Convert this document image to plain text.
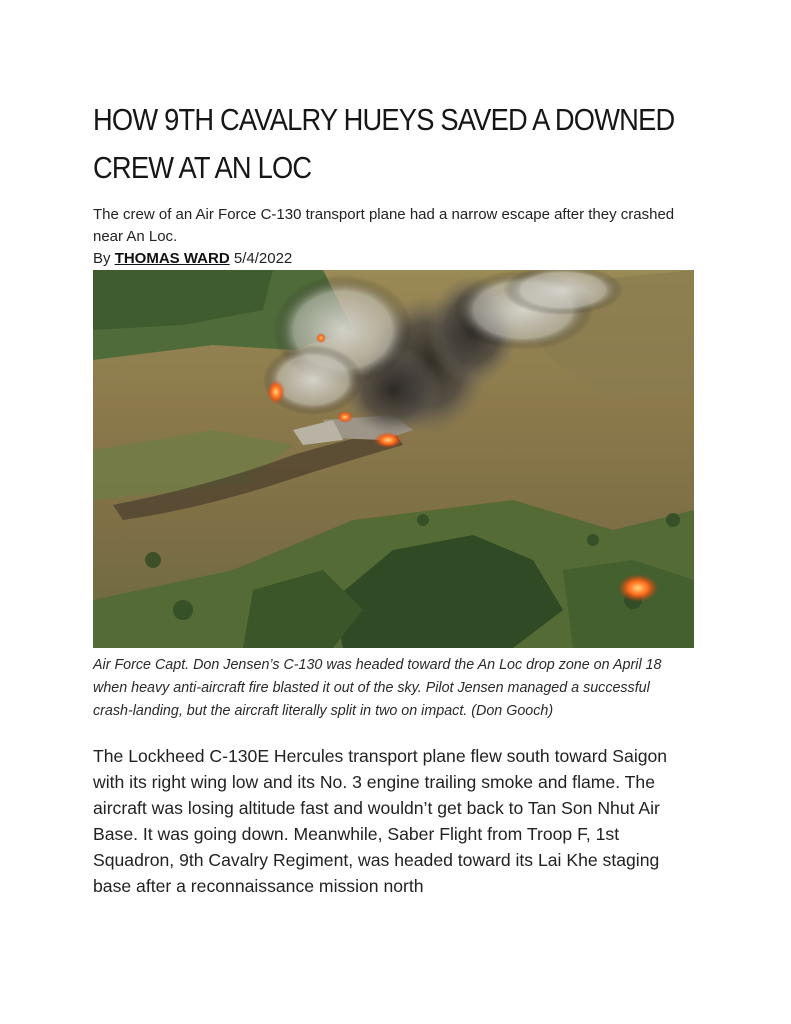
HOW 9TH CAVALRY HUEYS SAVED A DOWNED CREW AT AN LOC

The crew of an Air Force C-130 transport plane had a narrow escape after they crashed near An Loc.

By THOMAS WARD 5/4/2022

Air Force Capt. Don Jensen’s C-130 was headed toward the An Loc drop zone on April 18 when heavy anti-aircraft fire blasted it out of the sky. Pilot Jensen managed a successful crash-landing, but the aircraft literally split in two on impact. (Don Gooch)
The Lockheed C-130E Hercules transport plane flew south toward Saigon with its right wing low and its No. 3 engine trailing smoke and flame. The aircraft was losing altitude fast and wouldn’t get back to Tan Son Nhut Air Base. It was going down. Meanwhile, Saber Flight from Troop F, 1st Squadron, 9th Cavalry Regiment, was headed toward its Lai Khe staging base after a reconnaissance mission north
